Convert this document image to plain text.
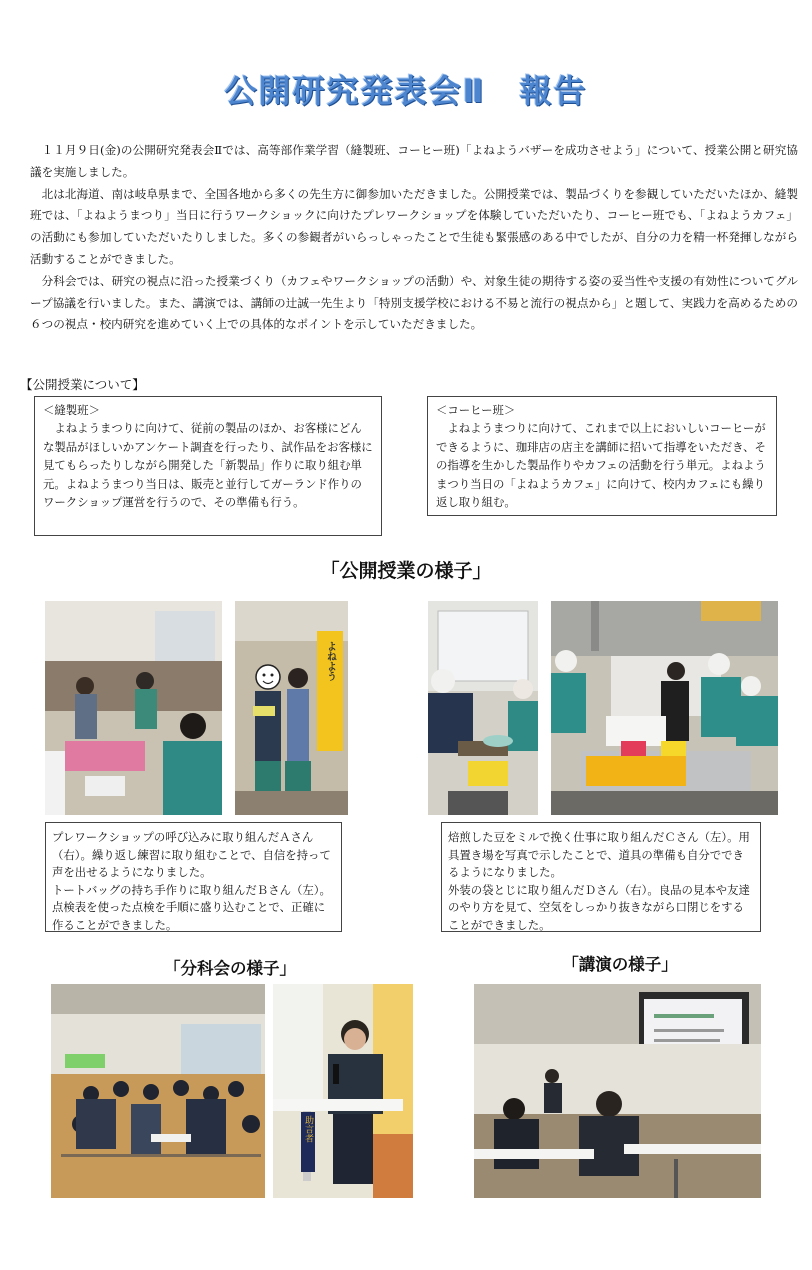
公開研究発表会Ⅱ　報告

１１月９日(金)の公開研究発表会Ⅱでは、高等部作業学習（縫製班、コーヒー班)「よねようバザーを成功させよう」について、授業公開と研究協議を実施しました。

北は北海道、南は岐阜県まで、全国各地から多くの先生方に御参加いただきました。公開授業では、製品づくりを参観していただいたほか、縫製班では、「よねようまつり」当日に行うワークショックに向けたプレワークショップを体験していただいたり、コーヒー班でも、「よねようカフェ」の活動にも参加していただいたりしました。多くの参観者がいらっしゃったことで生徒も緊張感のある中でしたが、自分の力を精一杯発揮しながら活動することができました。

分科会では、研究の視点に沿った授業づくり（カフェやワークショップの活動）や、対象生徒の期待する姿の妥当性や支援の有効性についてグループ協議を行いました。また、講演では、講師の辻誠一先生より「特別支援学校における不易と流行の視点から」と題して、実践力を高めるための６つの視点・校内研究を進めていく上での具体的なポイントを示していただきました。

【公開授業について】
＜縫製班＞
よねようまつりに向けて、従前の製品のほか、お客様にどんな製品がほしいかアンケート調査を行ったり、試作品をお客様に見てもらったりしながら開発した「新製品」作りに取り組む単元。よねようまつり当日は、販売と並行してガーランド作りのワークショップ運営を行うので、その準備も行う。
＜コーヒー班＞
よねようまつりに向けて、これまで以上においしいコーヒーができるように、珈琲店の店主を講師に招いて指導をいただき、その指導を生かした製品作りやカフェの活動を行う単元。よねようまつり当日の「よねようカフェ」に向けて、校内カフェにも繰り返し取り組む。
「公開授業の様子」
よねよう
プレワークショップの呼び込みに取り組んだＡさん（右）。繰り返し練習に取り組むことで、自信を持って声を出せるようになりました。
トートバッグの持ち手作りに取り組んだＢさん（左）。点検表を使った点検を手順に盛り込むことで、正確に作ることができました。
焙煎した豆をミルで挽く仕事に取り組んだＣさん（左）。用具置き場を写真で示したことで、道具の準備も自分でできるようになりました。
外装の袋とじに取り組んだＤさん（右）。良品の見本や友達のやり方を見て、空気をしっかり抜きながら口閉じをすることができました。
「分科会の様子」	「講演の様子」
助言者
